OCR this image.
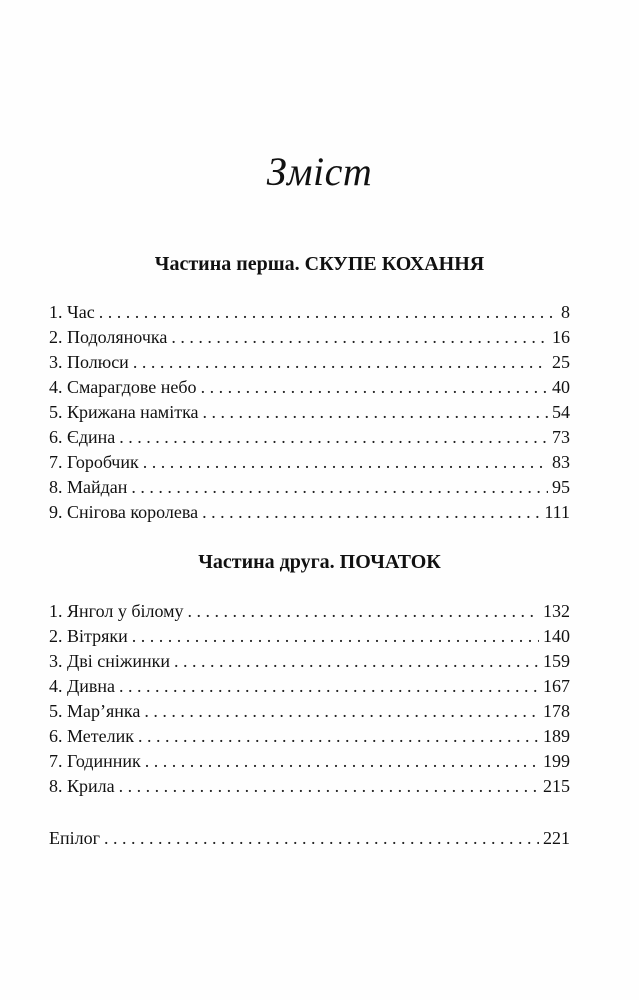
Зміст
Частина перша. СКУПЕ КОХАННЯ
1. Час . . .	8
2. Подоляночка . . .	16
3. Полюси . . .	25
4. Смарагдове небо . . .	40
5. Крижана намітка . . .	54
6. Єдина . . .	73
7. Горобчик . . .	83
8. Майдан . . .	95
9. Снігова королева . . .	111
Частина друга. ПОЧАТОК
1. Янгол у білому . . .	132
2. Вітряки . . .	140
3. Дві сніжинки . . .	159
4. Дивна . . .	167
5. Мар’янка . . .	178
6. Метелик . . .	189
7. Годинник . . .	199
8. Крила . . .	215
Епілог . . .	221
